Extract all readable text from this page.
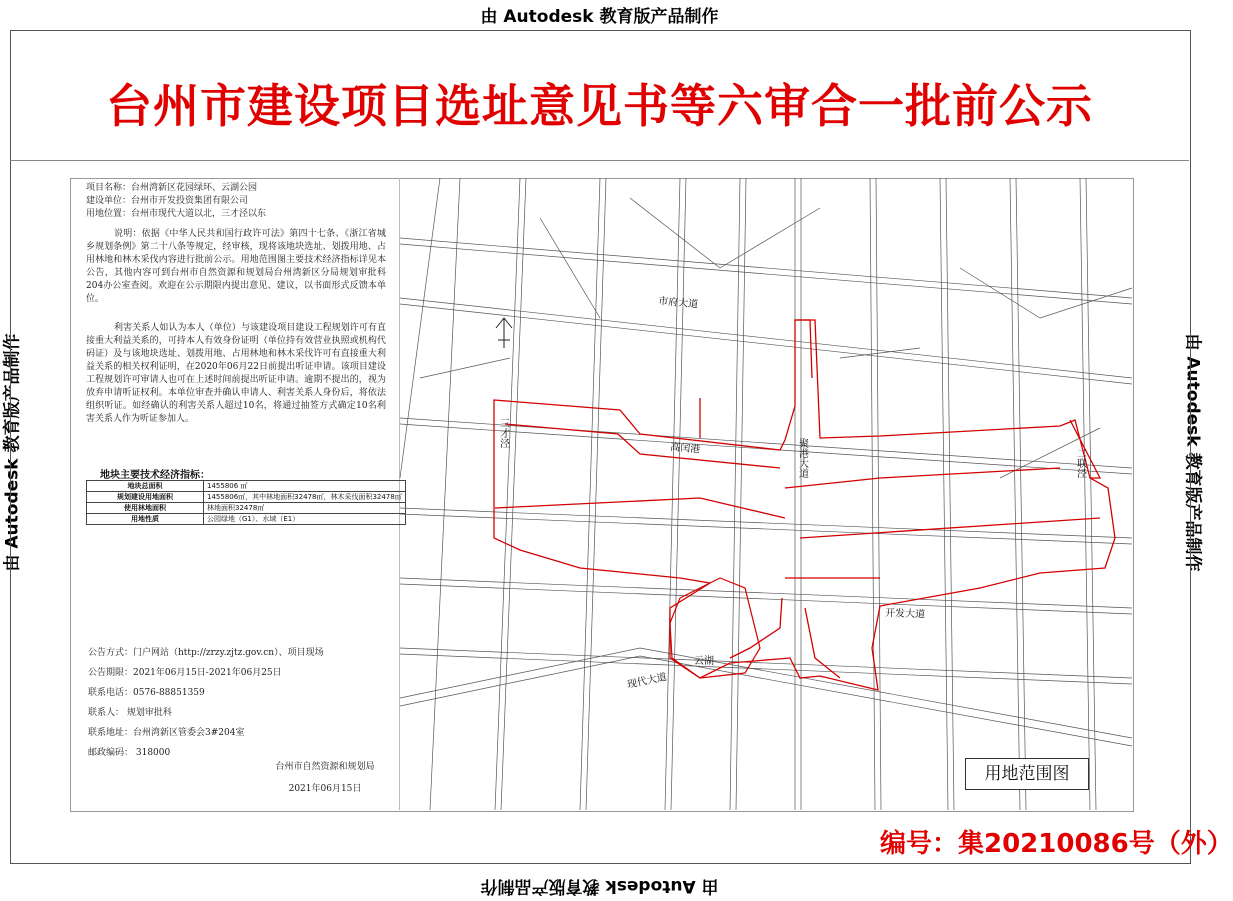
由 Autodesk 教育版产品制作
由 Autodesk 教育版产品制作
由 Autodesk 教育版产品制作	由 Autodesk 教育版产品制作
台州市建设项目选址意见书等六审合一批前公示
项目名称：台州湾新区花园绿环、云湖公园
建设单位：台州市开发投资集团有限公司
用地位置：台州市现代大道以北，三才泾以东
说明：依据《中华人民共和国行政许可法》第四十七条、《浙江省城乡规划条例》第二十八条等规定，经审核，现将该地块选址、划拨用地、占用林地和林木采伐内容进行批前公示。用地范围图主要技术经济指标详见本公告，其他内容可到台州市自然资源和规划局台州湾新区分局规划审批科204办公室查阅。欢迎在公示期限内提出意见、建议，以书面形式反馈本单位。
利害关系人如认为本人（单位）与该建设项目建设工程规划许可有直接重大利益关系的，可持本人有效身份证明（单位持有效营业执照或机构代码证）及与该地块选址、划拨用地、占用林地和林木采伐许可有直接重大利益关系的相关权利证明，在2020年06月22日前提出听证申请。该项目建设工程规划许可审请人也可在上述时间前提出听证申请。逾期不提出的，视为放弃申请听证权利。本单位审查并确认申请人、利害关系人身份后，将依法组织听证。如经确认的利害关系人超过10名，将通过抽签方式确定10名利害关系人作为听证参加人。
地块主要技术经济指标：
地块总面积	1455806 ㎡
规划建设用地面积	1455806㎡，其中林地面积32478㎡，林木采伐面积32478㎡
使用林地面积	林地面积32478㎡
用地性质	公园绿地（G1）、水域（E1）
公告方式：门户网站（http://zrzy.zjtz.gov.cn）、项目现场
公告期限：2021年06月15日-2021年06月25日
联系电话：0576-88851359
联系人： 规划审批科
联系地址：台州湾新区管委会3#204室
邮政编码： 318000
台州市自然资源和规划局
2021年06月15日
市府大道
现代大道
开发大道
高闰港
云湖
聚港大道
三才泾
二联泾
用地范围图
编号：集20210086号（外）
